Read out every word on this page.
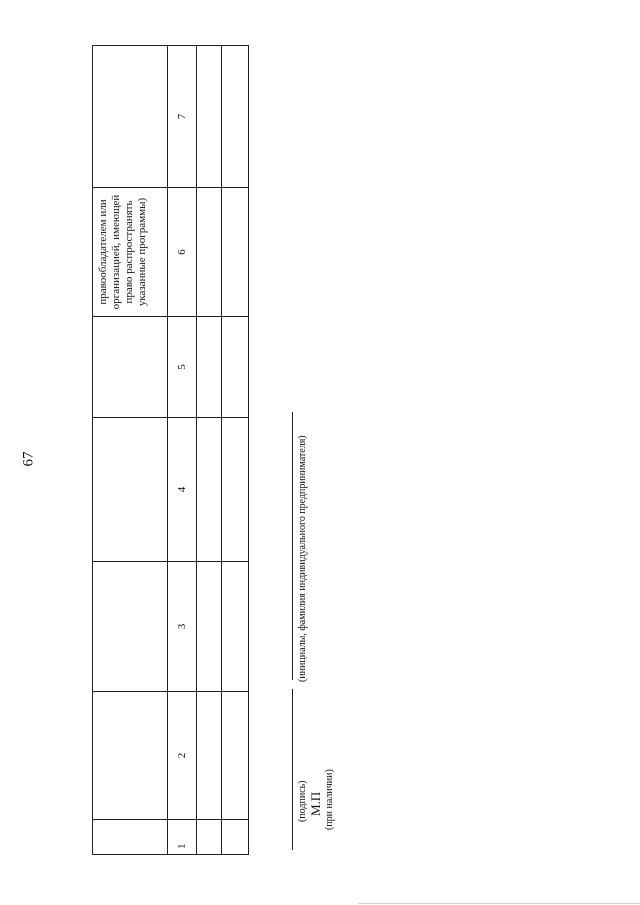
67
					правообладателем или организацией, имеющей право распространять указанные программы)	
1	2	3	4	5	6	7

(подпись)
(инициалы, фамилия индивидуального предпринимателя)
М.П (при наличии)
